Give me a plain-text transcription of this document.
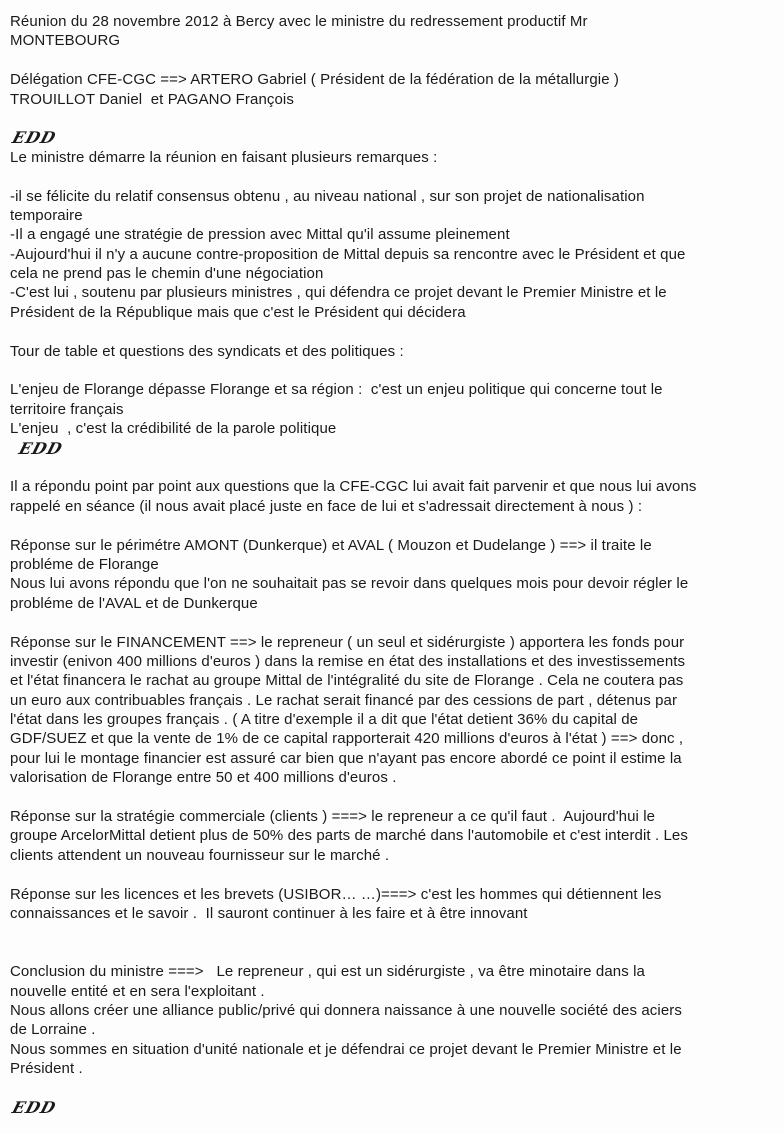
Réunion du 28 novembre 2012 à Bercy avec le ministre du redressement productif Mr
MONTEBOURG
Délégation CFE-CGC ==> ARTERO Gabriel ( Président de la fédération de la métallurgie )
TROUILLOT Daniel  et PAGANO François
EDD
Le ministre démarre la réunion en faisant plusieurs remarques :
-il se félicite du relatif consensus obtenu , au niveau national , sur son projet de nationalisation
temporaire
-Il a engagé une stratégie de pression avec Mittal qu'il assume pleinement
-Aujourd'hui il n'y a aucune contre-proposition de Mittal depuis sa rencontre avec le Président et que
cela ne prend pas le chemin d'une négociation
-C'est lui , soutenu par plusieurs ministres , qui défendra ce projet devant le Premier Ministre et le
Président de la République mais que c'est le Président qui décidera
Tour de table et questions des syndicats et des politiques :
L'enjeu de Florange dépasse Florange et sa région :  c'est un enjeu politique qui concerne tout le
territoire français
L'enjeu  , c'est la crédibilité de la parole politique
EDD
Il a répondu point par point aux questions que la CFE-CGC lui avait fait parvenir et que nous lui avons
rappelé en séance (il nous avait placé juste en face de lui et s'adressait directement à nous ) :
Réponse sur le périmétre AMONT (Dunkerque) et AVAL ( Mouzon et Dudelange ) ==> il traite le
probléme de Florange
Nous lui avons répondu que l'on ne souhaitait pas se revoir dans quelques mois pour devoir régler le
probléme de l'AVAL et de Dunkerque
Réponse sur le FINANCEMENT ==> le repreneur ( un seul et sidérurgiste ) apportera les fonds pour
investir (enivon 400 millions d'euros ) dans la remise en état des installations et des investissements
et l'état financera le rachat au groupe Mittal de l'intégralité du site de Florange . Cela ne coutera pas
un euro aux contribuables français . Le rachat serait financé par des cessions de part , détenus par
l'état dans les groupes français . ( A titre d'exemple il a dit que l'état detient 36% du capital de
GDF/SUEZ et que la vente de 1% de ce capital rapporterait 420 millions d'euros à l'état ) ==> donc ,
pour lui le montage financier est assuré car bien que n'ayant pas encore abordé ce point il estime la
valorisation de Florange entre 50 et 400 millions d'euros .
Réponse sur la stratégie commerciale (clients ) ===> le repreneur a ce qu'il faut .  Aujourd'hui le
groupe ArcelorMittal detient plus de 50% des parts de marché dans l'automobile et c'est interdit . Les
clients attendent un nouveau fournisseur sur le marché .
Réponse sur les licences et les brevets (USIBOR… …)===> c'est les hommes qui détiennent les
connaissances et le savoir .  Il sauront continuer à les faire et à être innovant
Conclusion du ministre ===>   Le repreneur , qui est un sidérurgiste , va être minotaire dans la
nouvelle entité et en sera l'exploitant .
Nous allons créer une alliance public/privé qui donnera naissance à une nouvelle société des aciers
de Lorraine .
Nous sommes en situation d'unité nationale et je défendrai ce projet devant le Premier Ministre et le
Président .
EDD
